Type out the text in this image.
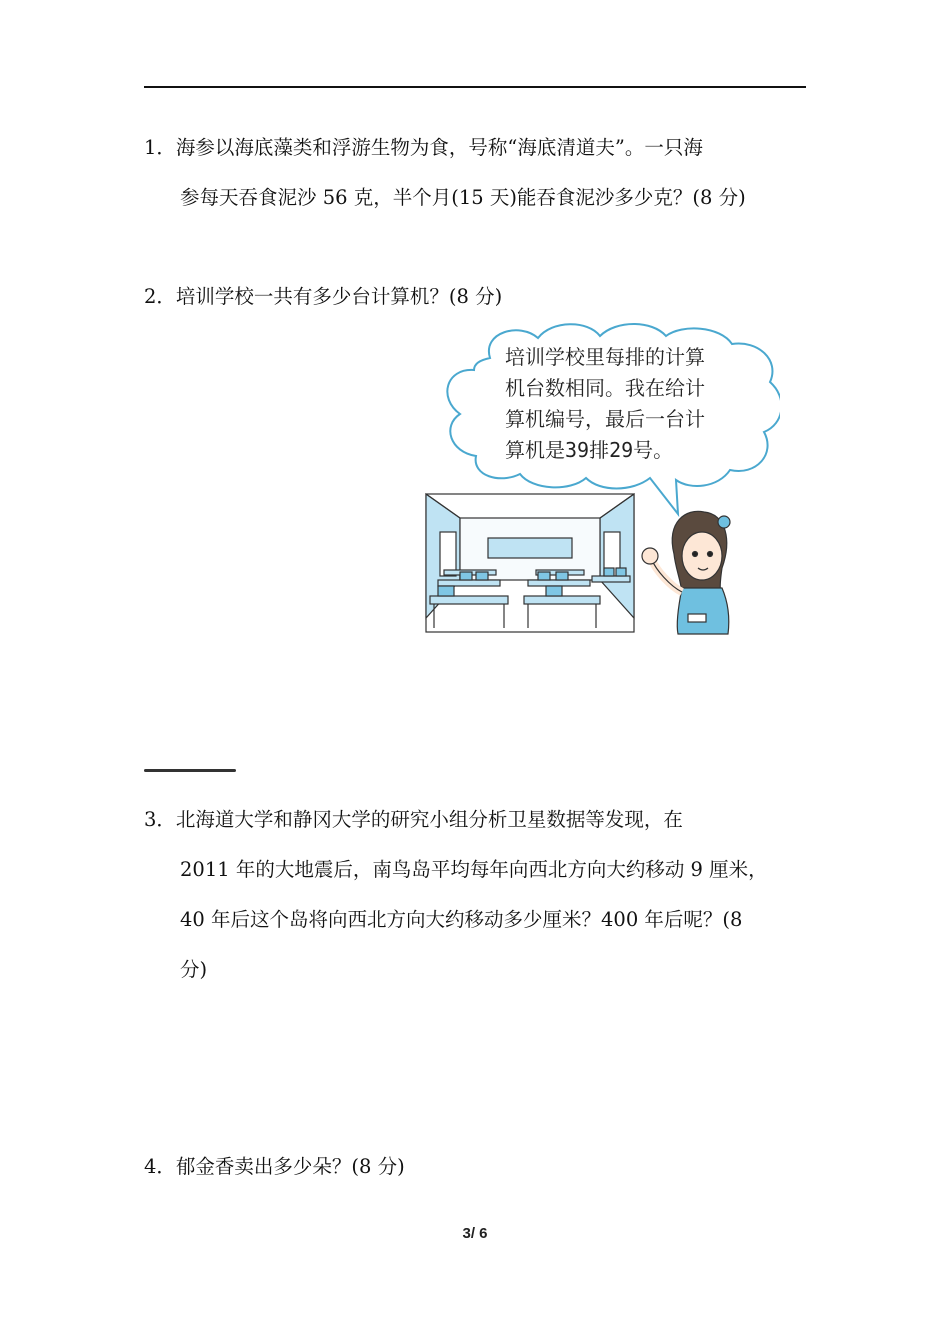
1．海参以海底藻类和浮游生物为食，号称“海底清道夫”。一只海
参每天吞食泥沙 56 克，半个月(15 天)能吞食泥沙多少克？(8 分)
2．培训学校一共有多少台计算机？(8 分)
培训学校里每排的计算
机台数相同。我在给计
算机编号，最后一台计
算机是39排29号。
3．北海道大学和静冈大学的研究小组分析卫星数据等发现，在
2011 年的大地震后，南鸟岛平均每年向西北方向大约移动 9 厘米，
40 年后这个岛将向西北方向大约移动多少厘米？400 年后呢？(8
分)
4．郁金香卖出多少朵？(8 分)
3/ 6
